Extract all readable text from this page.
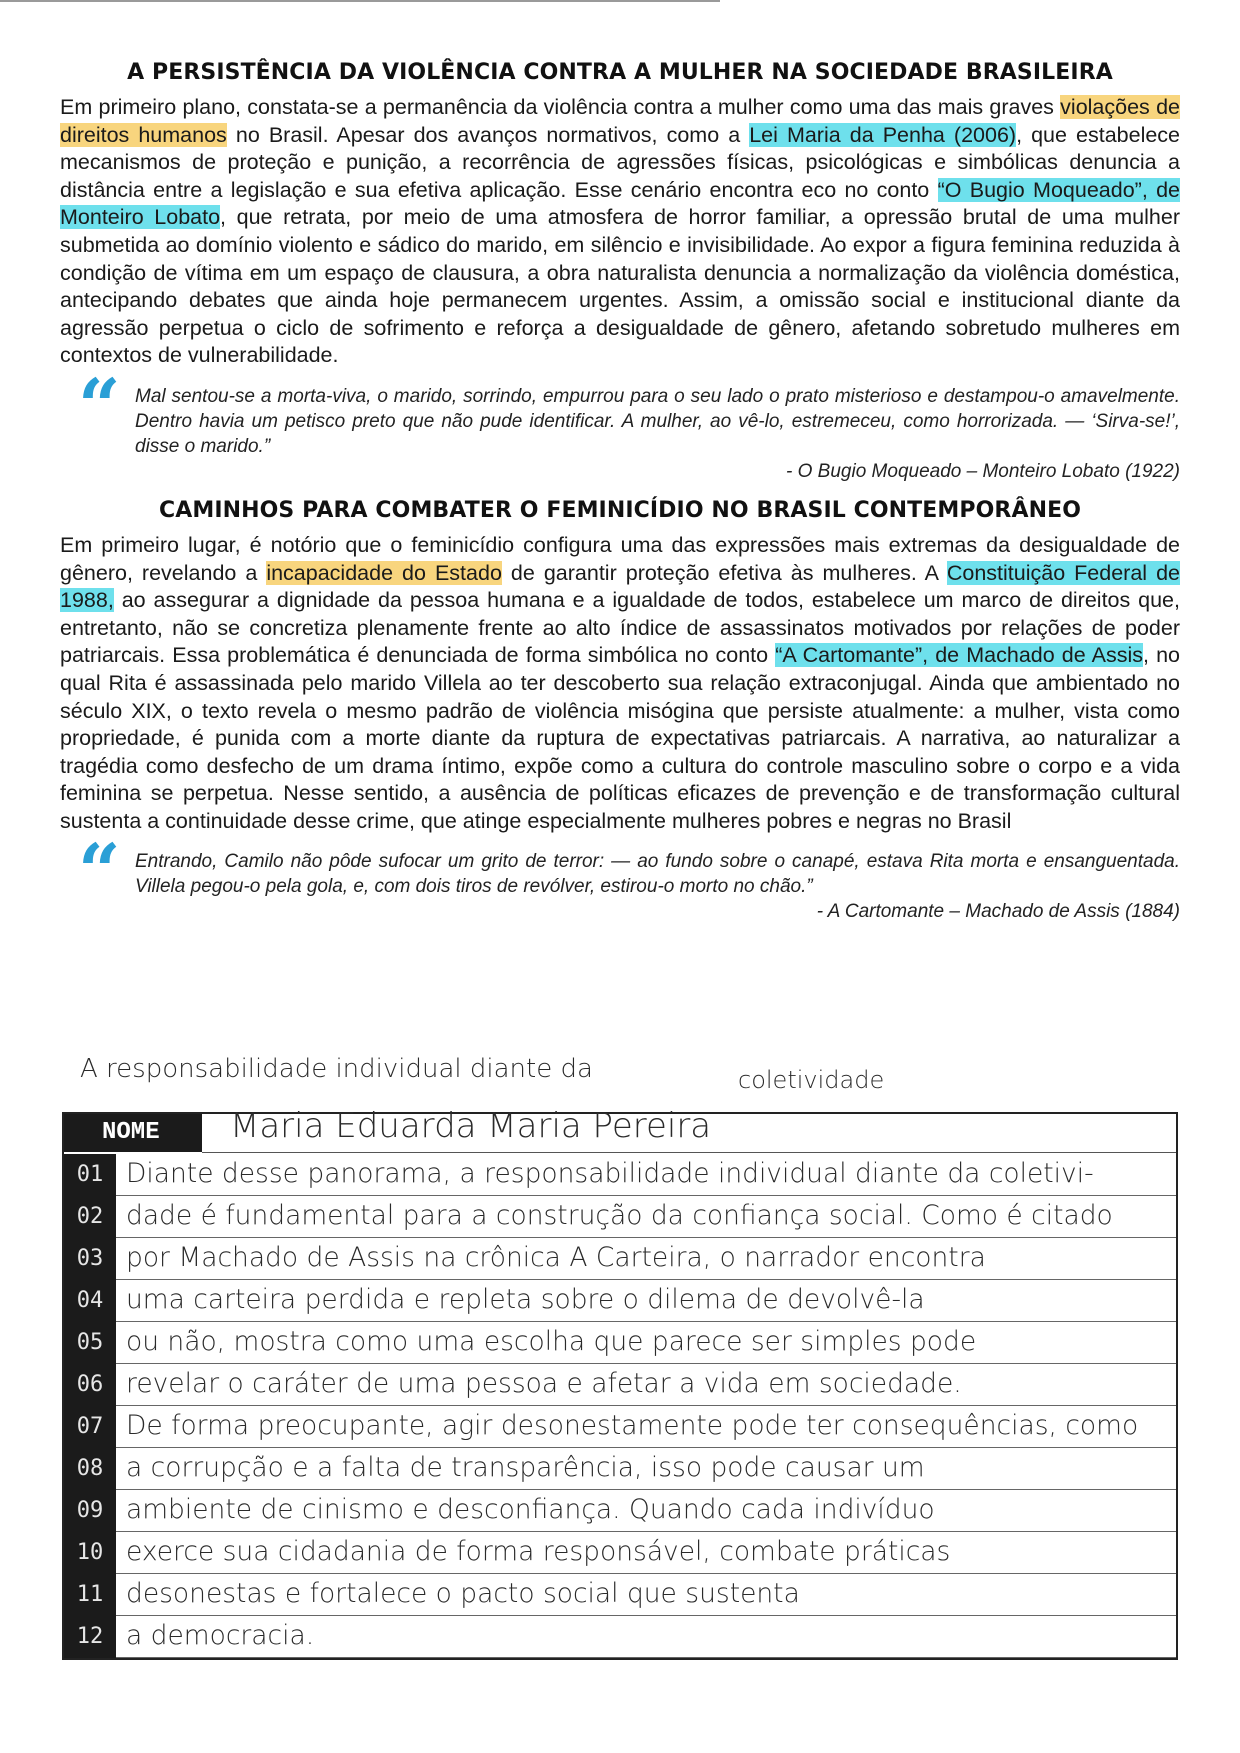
A PERSISTÊNCIA DA VIOLÊNCIA CONTRA A MULHER NA SOCIEDADE BRASILEIRA

Em primeiro plano, constata-se a permanência da violência contra a mulher como uma das mais graves violações de direitos humanos no Brasil. Apesar dos avanços normativos, como a Lei Maria da Penha (2006), que estabelece mecanismos de proteção e punição, a recorrência de agressões físicas, psicológicas e simbólicas denuncia a distância entre a legislação e sua efetiva aplicação. Esse cenário encontra eco no conto “O Bugio Moqueado”, de Monteiro Lobato, que retrata, por meio de uma atmosfera de horror familiar, a opressão brutal de uma mulher submetida ao domínio violento e sádico do marido, em silêncio e invisibilidade. Ao expor a figura feminina reduzida à condição de vítima em um espaço de clausura, a obra naturalista denuncia a normalização da violência doméstica, antecipando debates que ainda hoje permanecem urgentes. Assim, a omissão social e institucional diante da agressão perpetua o ciclo de sofrimento e reforça a desigualdade de gênero, afetando sobretudo mulheres em contextos de vulnerabilidade.

“ Mal sentou-se a morta-viva, o marido, sorrindo, empurrou para o seu lado o prato misterioso e destampou-o amavelmente. Dentro havia um petisco preto que não pude identificar. A mulher, ao vê-lo, estremeceu, como horrorizada. — ‘Sirva-se!’, disse o marido.”

- O Bugio Moqueado – Monteiro Lobato (1922)

CAMINHOS PARA COMBATER O FEMINICÍDIO NO BRASIL CONTEMPORÂNEO

Em primeiro lugar, é notório que o feminicídio configura uma das expressões mais extremas da desigualdade de gênero, revelando a incapacidade do Estado de garantir proteção efetiva às mulheres. A Constituição Federal de 1988, ao assegurar a dignidade da pessoa humana e a igualdade de todos, estabelece um marco de direitos que, entretanto, não se concretiza plenamente frente ao alto índice de assassinatos motivados por relações de poder patriarcais. Essa problemática é denunciada de forma simbólica no conto “A Cartomante”, de Machado de Assis, no qual Rita é assassinada pelo marido Villela ao ter descoberto sua relação extraconjugal. Ainda que ambientado no século XIX, o texto revela o mesmo padrão de violência misógina que persiste atualmente: a mulher, vista como propriedade, é punida com a morte diante da ruptura de expectativas patriarcais. A narrativa, ao naturalizar a tragédia como desfecho de um drama íntimo, expõe como a cultura do controle masculino sobre o corpo e a vida feminina se perpetua. Nesse sentido, a ausência de políticas eficazes de prevenção e de transformação cultural sustenta a continuidade desse crime, que atinge especialmente mulheres pobres e negras no Brasil

“ Entrando, Camilo não pôde sufocar um grito de terror: — ao fundo sobre o canapé, estava Rita morta e ensanguentada. Villela pegou-o pela gola, e, com dois tiros de revólver, estirou-o morto no chão.”

- A Cartomante – Machado de Assis (1884)

A responsabilidade individual diante da	coletividade
NOME	Maria Eduarda Maria Pereira
01 Diante desse panorama, a responsabilidade individual diante da coletivi-
02 dade é fundamental para a construção da confiança social. Como é citado
03 por Machado de Assis na crônica A Carteira, o narrador encontra
04 uma carteira perdida e repleta sobre o dilema de devolvê-la
05 ou não, mostra como uma escolha que parece ser simples pode
06 revelar o caráter de uma pessoa e afetar a vida em sociedade.
07 De forma preocupante, agir desonestamente pode ter consequências, como
08 a corrupção e a falta de transparência, isso pode causar um
09 ambiente de cinismo e desconfiança. Quando cada indivíduo
10 exerce sua cidadania de forma responsável, combate práticas
11 desonestas e fortalece o pacto social que sustenta
12 a democracia.
